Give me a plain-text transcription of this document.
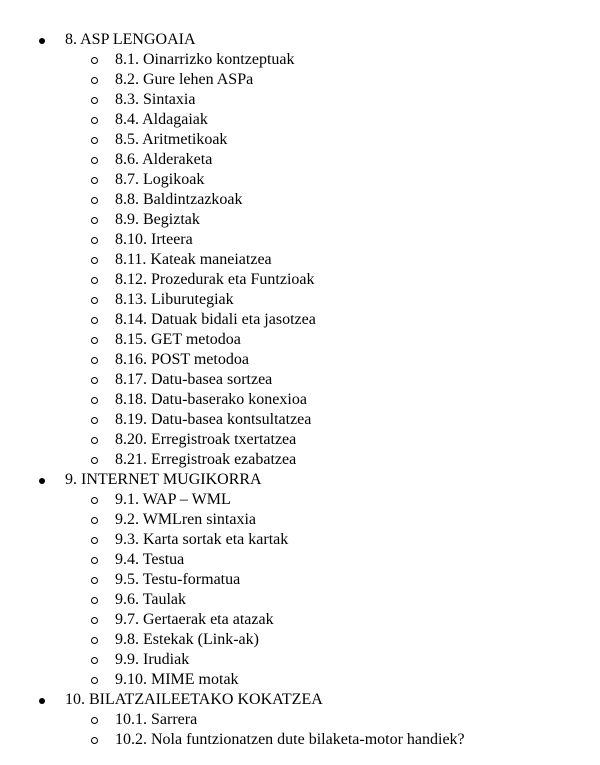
8. ASP LENGOAIA
8.1. Oinarrizko kontzeptuak
8.2. Gure lehen ASPa
8.3. Sintaxia
8.4. Aldagaiak
8.5. Aritmetikoak
8.6. Alderaketa
8.7. Logikoak
8.8. Baldintzazkoak
8.9. Begiztak
8.10. Irteera
8.11. Kateak maneiatzea
8.12. Prozedurak eta Funtzioak
8.13. Liburutegiak
8.14. Datuak bidali eta jasotzea
8.15. GET metodoa
8.16. POST metodoa
8.17. Datu-basea sortzea
8.18. Datu-baserako konexioa
8.19. Datu-basea kontsultatzea
8.20. Erregistroak txertatzea
8.21. Erregistroak ezabatzea
9. INTERNET MUGIKORRA
9.1. WAP – WML
9.2. WMLren sintaxia
9.3. Karta sortak eta kartak
9.4. Testua
9.5. Testu-formatua
9.6. Taulak
9.7. Gertaerak eta atazak
9.8. Estekak (Link-ak)
9.9. Irudiak
9.10. MIME motak
10. BILATZAILEETAKO KOKATZEA
10.1. Sarrera
10.2. Nola funtzionatzen dute bilaketa-motor handiek?
